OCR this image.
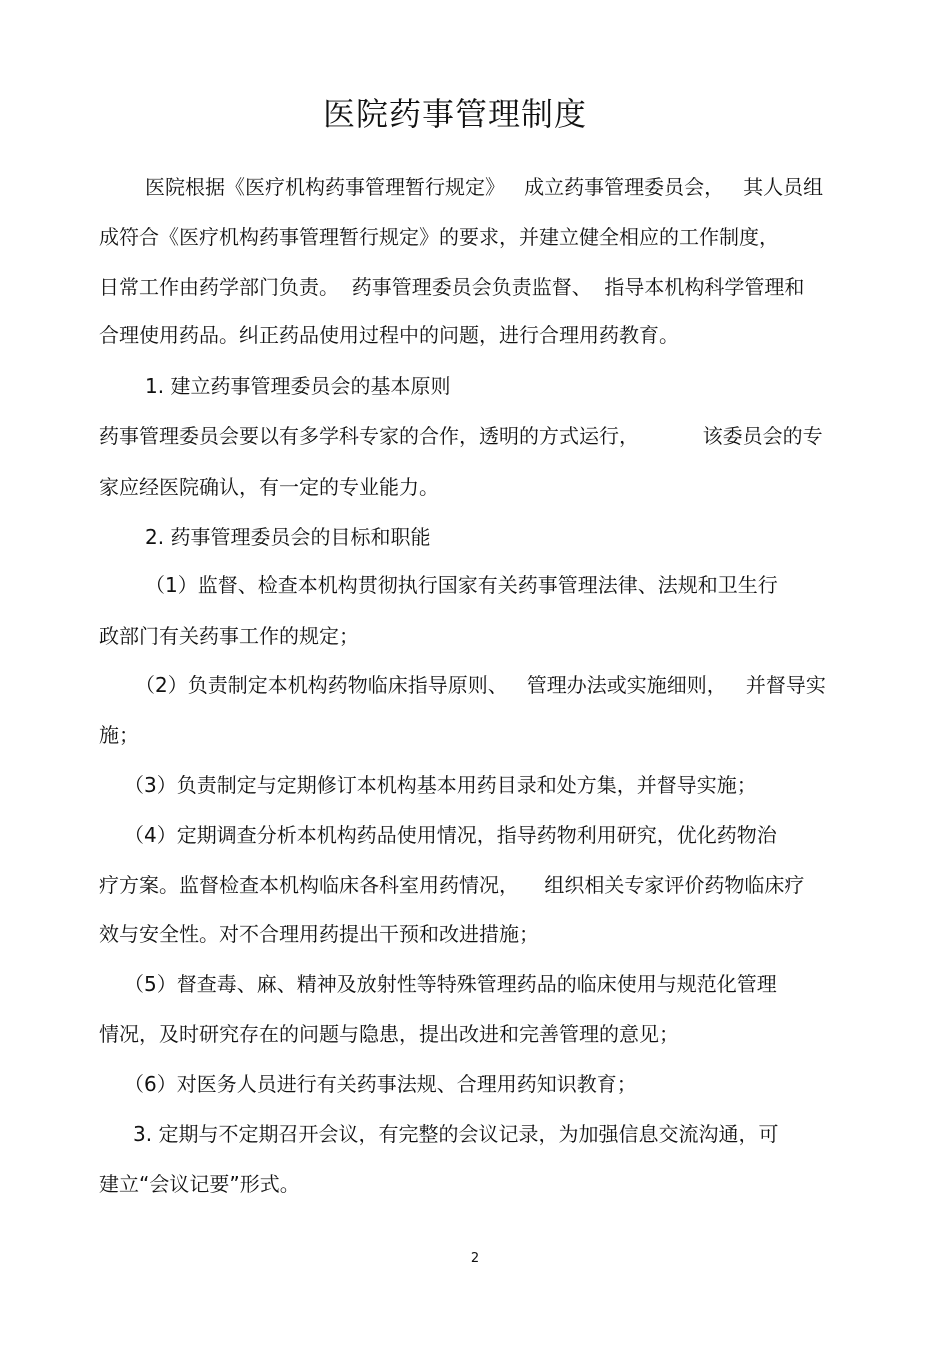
医院药事管理制度
医院根据《医疗机构药事管理暂行规定》   成立药事管理委员会，   其人员组
成符合《医疗机构药事管理暂行规定》的要求，并建立健全相应的工作制度，
日常工作由药学部门负责。  药事管理委员会负责监督、  指导本机构科学管理和
合理使用药品。纠正药品使用过程中的问题，进行合理用药教育。
1. 建立药事管理委员会的基本原则
药事管理委员会要以有多学科专家的合作，透明的方式运行，          该委员会的专
家应经医院确认，有一定的专业能力。
2. 药事管理委员会的目标和职能
（1）监督、检查本机构贯彻执行国家有关药事管理法律、法规和卫生行
政部门有关药事工作的规定；
（2）负责制定本机构药物临床指导原则、   管理办法或实施细则，   并督导实
施；
（3）负责制定与定期修订本机构基本用药目录和处方集，并督导实施；
（4）定期调查分析本机构药品使用情况，指导药物利用研究，优化药物治
疗方案。监督检查本机构临床各科室用药情况，    组织相关专家评价药物临床疗
效与安全性。对不合理用药提出干预和改进措施；
（5）督查毒、麻、精神及放射性等特殊管理药品的临床使用与规范化管理
情况，及时研究存在的问题与隐患，提出改进和完善管理的意见；
（6）对医务人员进行有关药事法规、合理用药知识教育；
3. 定期与不定期召开会议，有完整的会议记录，为加强信息交流沟通，可
建立“会议记要”形式。
2
